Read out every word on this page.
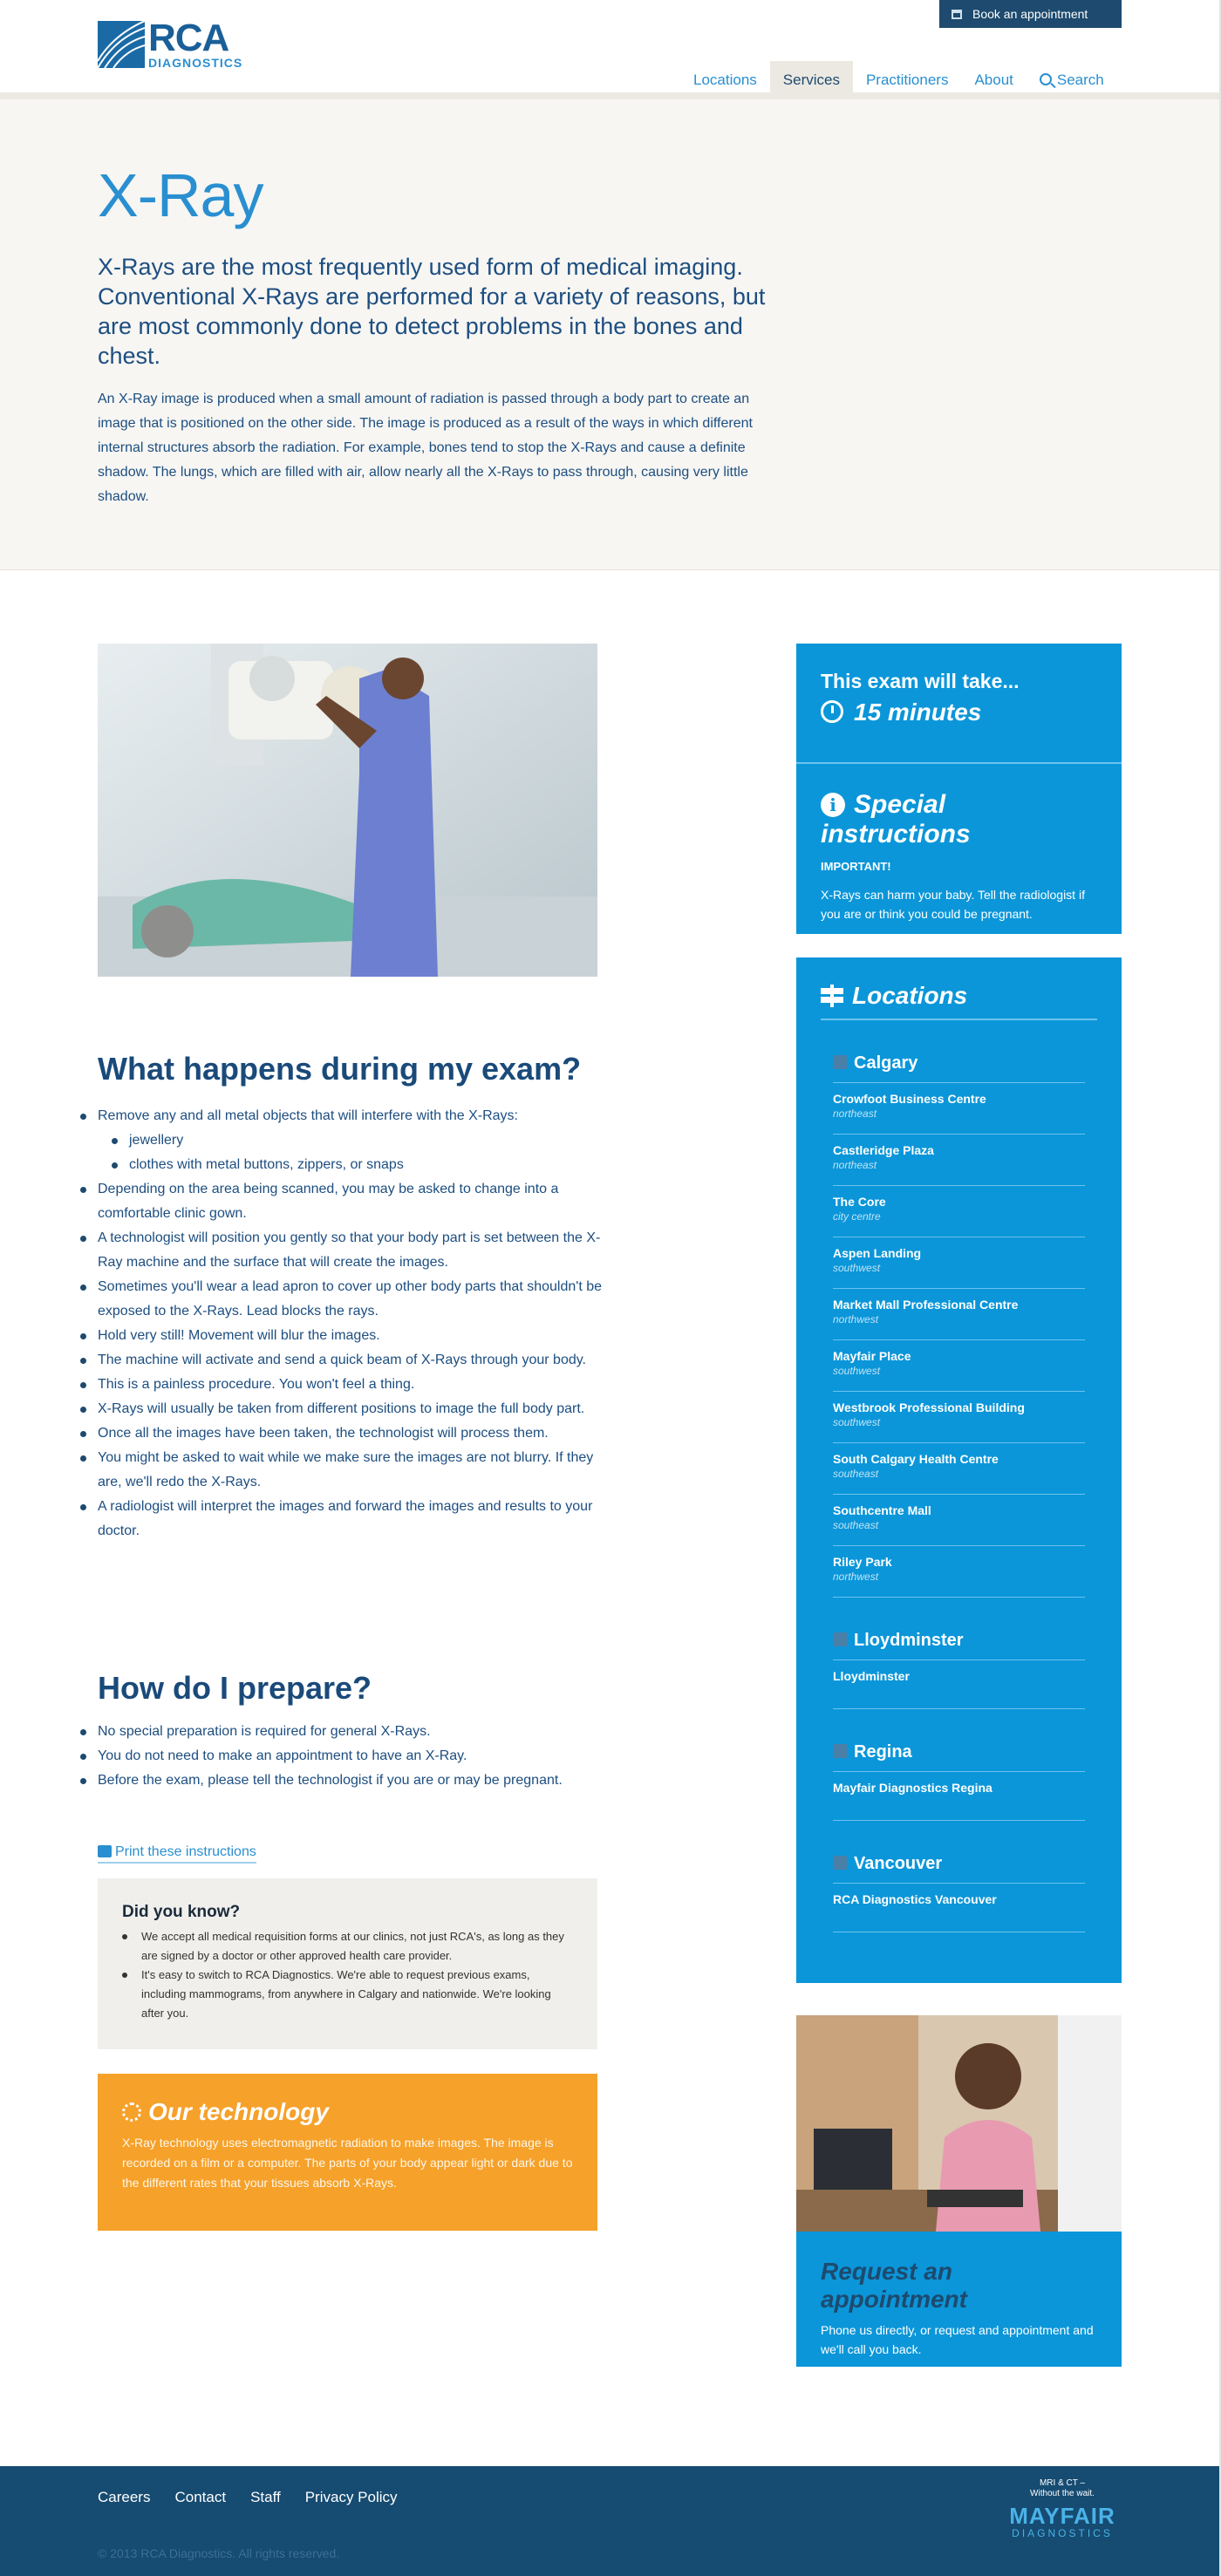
RCA
DIAGNOSTICS
Book an appointment
Locations	Services	Practitioners	About	Search
X-Ray

X-Rays are the most frequently used form of medical imaging. Conventional X-Rays are performed for a variety of reasons, but are most commonly done to detect problems in the bones and chest.

An X-Ray image is produced when a small amount of radiation is passed through a body part to create an image that is positioned on the other side. The image is produced as a result of the ways in which different internal structures absorb the radiation. For example, bones tend to stop the X-Rays and cause a definite shadow. The lungs, which are filled with air, allow nearly all the X-Rays to pass through, causing very little shadow.

What happens during my exam?
Remove any and all metal objects that will interfere with the X-Rays:
jewellery
clothes with metal buttons, zippers, or snaps
Depending on the area being scanned, you may be asked to change into a comfortable clinic gown.
A technologist will position you gently so that your body part is set between the X-Ray machine and the surface that will create the images.
Sometimes you'll wear a lead apron to cover up other body parts that shouldn't be exposed to the X-Rays. Lead blocks the rays.
Hold very still! Movement will blur the images.
The machine will activate and send a quick beam of X-Rays through your body.
This is a painless procedure. You won't feel a thing.
X-Rays will usually be taken from different positions to image the full body part.
Once all the images have been taken, the technologist will process them.
You might be asked to wait while we make sure the images are not blurry. If they are, we'll redo the X-Rays.
A radiologist will interpret the images and forward the images and results to your doctor.
How do I prepare?
No special preparation is required for general X-Rays.
You do not need to make an appointment to have an X-Ray.
Before the exam, please tell the technologist if you are or may be pregnant.
Print these instructions
Did you know?
We accept all medical requisition forms at our clinics, not just RCA's, as long as they are signed by a doctor or other approved health care provider.
It's easy to switch to RCA Diagnostics. We're able to request previous exams, including mammograms, from anywhere in Calgary and nationwide. We're looking after you.
Our technology

X-Ray technology uses electromagnetic radiation to make images. The image is recorded on a film or a computer. The parts of your body appear light or dark due to the different rates that your tissues absorb X-Rays.

This exam will take...
15 minutes
i Special instructions
IMPORTANT!
X-Rays can harm your baby. Tell the radiologist if you are or think you could be pregnant.
Locations
Calgary
Crowfoot Business Centre
northeast
Castleridge Plaza
northeast
The Core
city centre
Aspen Landing
southwest
Market Mall Professional Centre
northwest
Mayfair Place
southwest
Westbrook Professional Building
southwest
South Calgary Health Centre
southeast
Southcentre Mall
southeast
Riley Park
northwest
Lloydminster
Lloydminster
Regina
Mayfair Diagnostics Regina
Vancouver
RCA Diagnostics Vancouver
Request an appointment

Phone us directly, or request and appointment and we'll call you back.

Careers Contact Staff Privacy Policy
© 2013 RCA Diagnostics. All rights reserved.
MRI & CT –
Without the wait.
MAYFAIR
DIAGNOSTICS
